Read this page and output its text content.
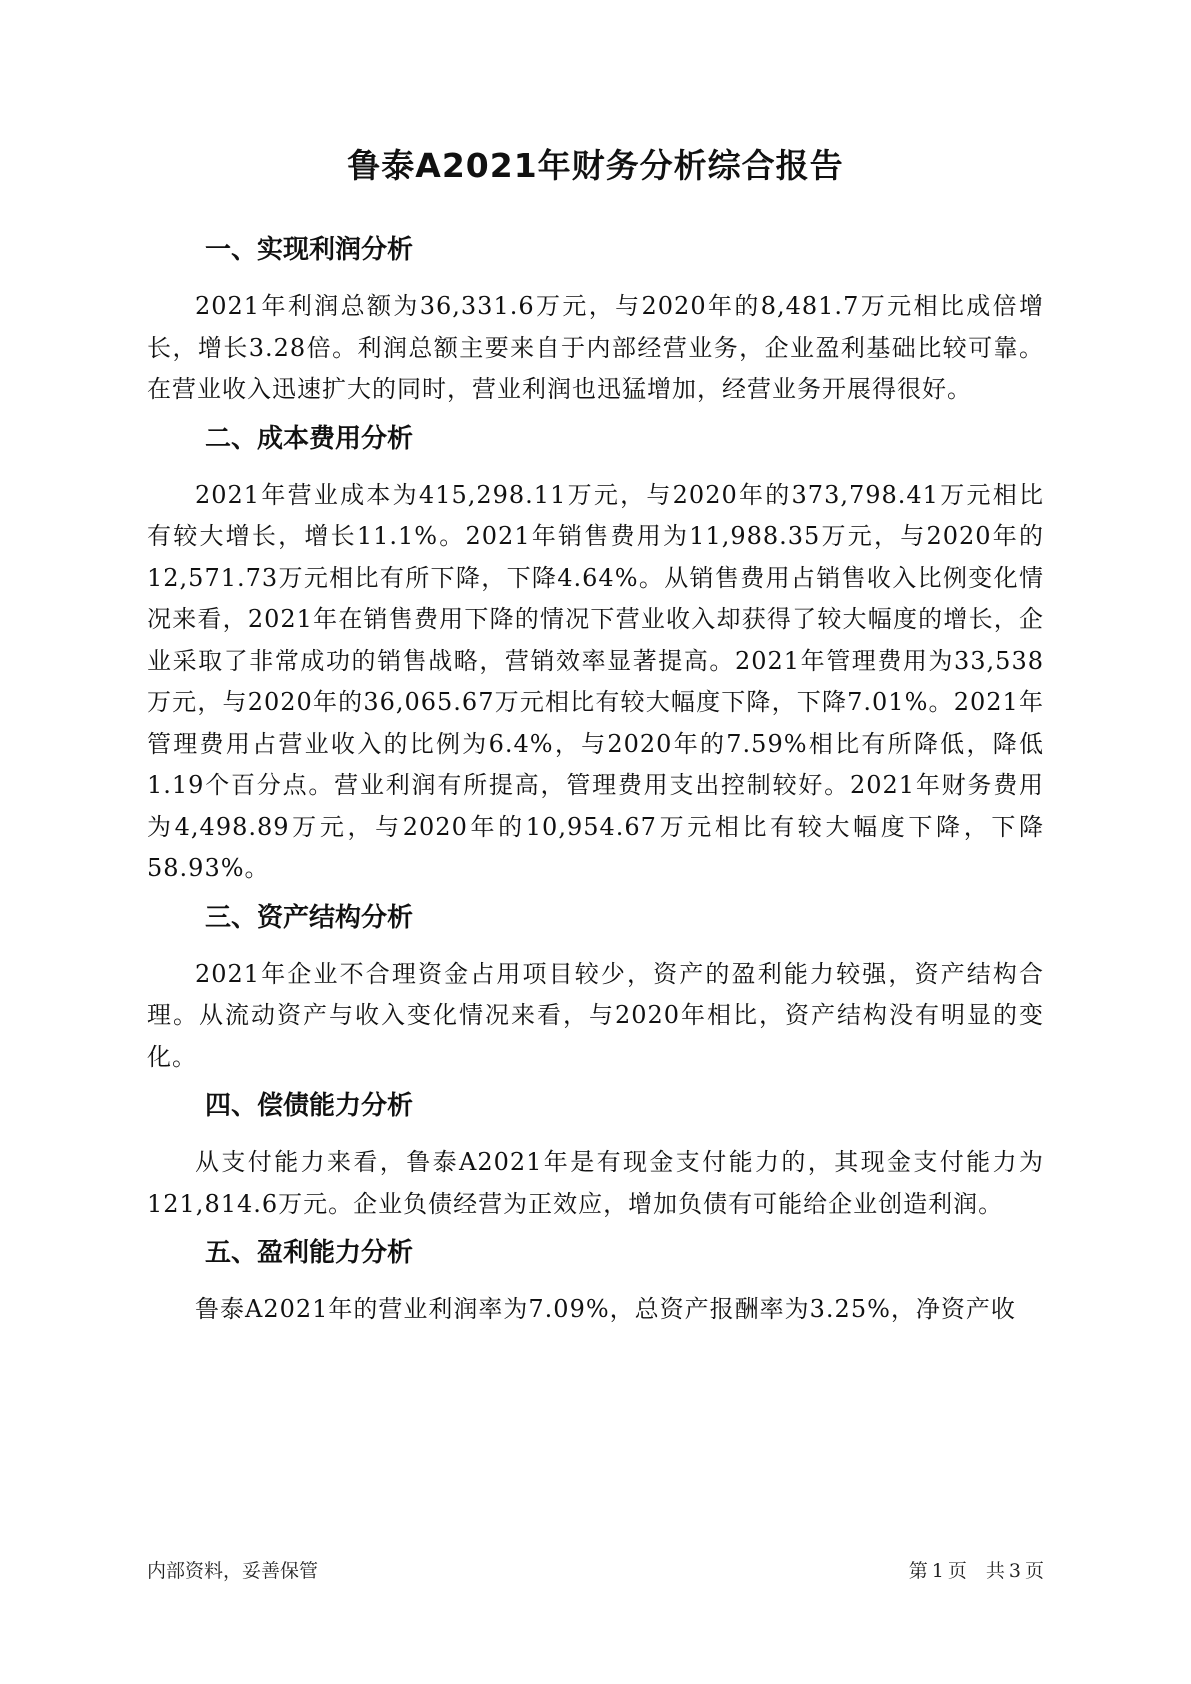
鲁泰A2021年财务分析综合报告
一、实现利润分析

2021年利润总额为36,331.6万元，与2020年的8,481.7万元相比成倍增长，增长3.28倍。利润总额主要来自于内部经营业务，企业盈利基础比较可靠。在营业收入迅速扩大的同时，营业利润也迅猛增加，经营业务开展得很好。

二、成本费用分析

2021年营业成本为415,298.11万元，与2020年的373,798.41万元相比有较大增长，增长11.1%。2021年销售费用为11,988.35万元，与2020年的12,571.73万元相比有所下降，下降4.64%。从销售费用占销售收入比例变化情况来看，2021年在销售费用下降的情况下营业收入却获得了较大幅度的增长，企业采取了非常成功的销售战略，营销效率显著提高。2021年管理费用为33,538万元，与2020年的36,065.67万元相比有较大幅度下降，下降7.01%。2021年管理费用占营业收入的比例为6.4%，与2020年的7.59%相比有所降低，降低1.19个百分点。营业利润有所提高，管理费用支出控制较好。2021年财务费用为4,498.89万元，与2020年的10,954.67万元相比有较大幅度下降，下降58.93%。

三、资产结构分析

2021年企业不合理资金占用项目较少，资产的盈利能力较强，资产结构合理。从流动资产与收入变化情况来看，与2020年相比，资产结构没有明显的变化。

四、偿债能力分析

从支付能力来看，鲁泰A2021年是有现金支付能力的，其现金支付能力为121,814.6万元。企业负债经营为正效应，增加负债有可能给企业创造利润。

五、盈利能力分析

鲁泰A2021年的营业利润率为7.09%，总资产报酬率为3.25%，净资产收

内部资料，妥善保管	第 1 页　共 3 页
